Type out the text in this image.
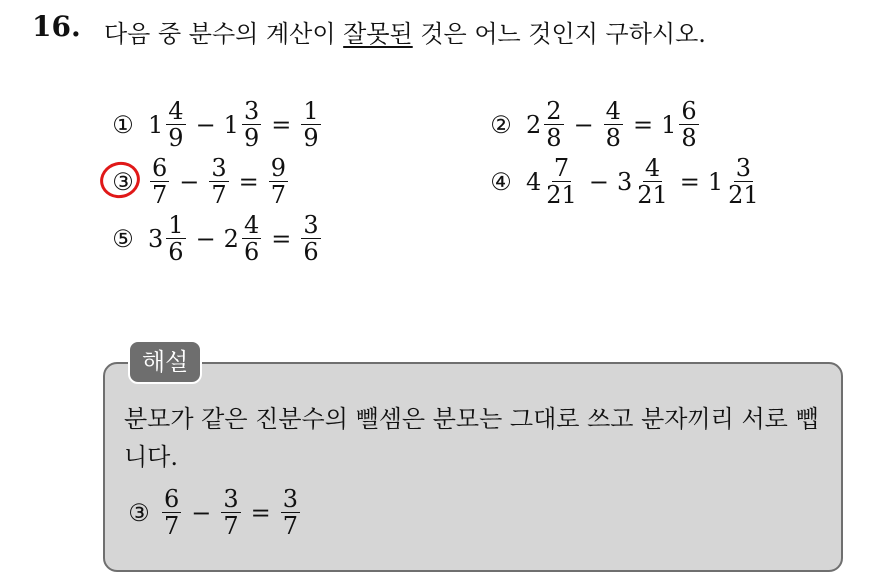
16. 다음 중 분수의 계산이 잘못된 것은 어느 것인지 구하시오.
① $1 \frac{4}{9} - 1 \frac{3}{9} = \frac{1}{9}$	② $2 \frac{2}{8} - \frac{4}{8} = 1 \frac{6}{8}$
③ $\frac{6}{7} - \frac{3}{7} = \frac{9}{7}$	④ $4 \frac{7}{21} - 3 \frac{4}{21} = 1 \frac{3}{21}$
⑤ $3 \frac{1}{6} - 2 \frac{4}{6} = \frac{3}{6}$
해설
분모가 같은 진분수의 뺄셈은 분모는 그대로 쓰고 분자끼리 서로 뺍니다.
③ $\frac{6}{7} - \frac{3}{7} = \frac{3}{7}$
